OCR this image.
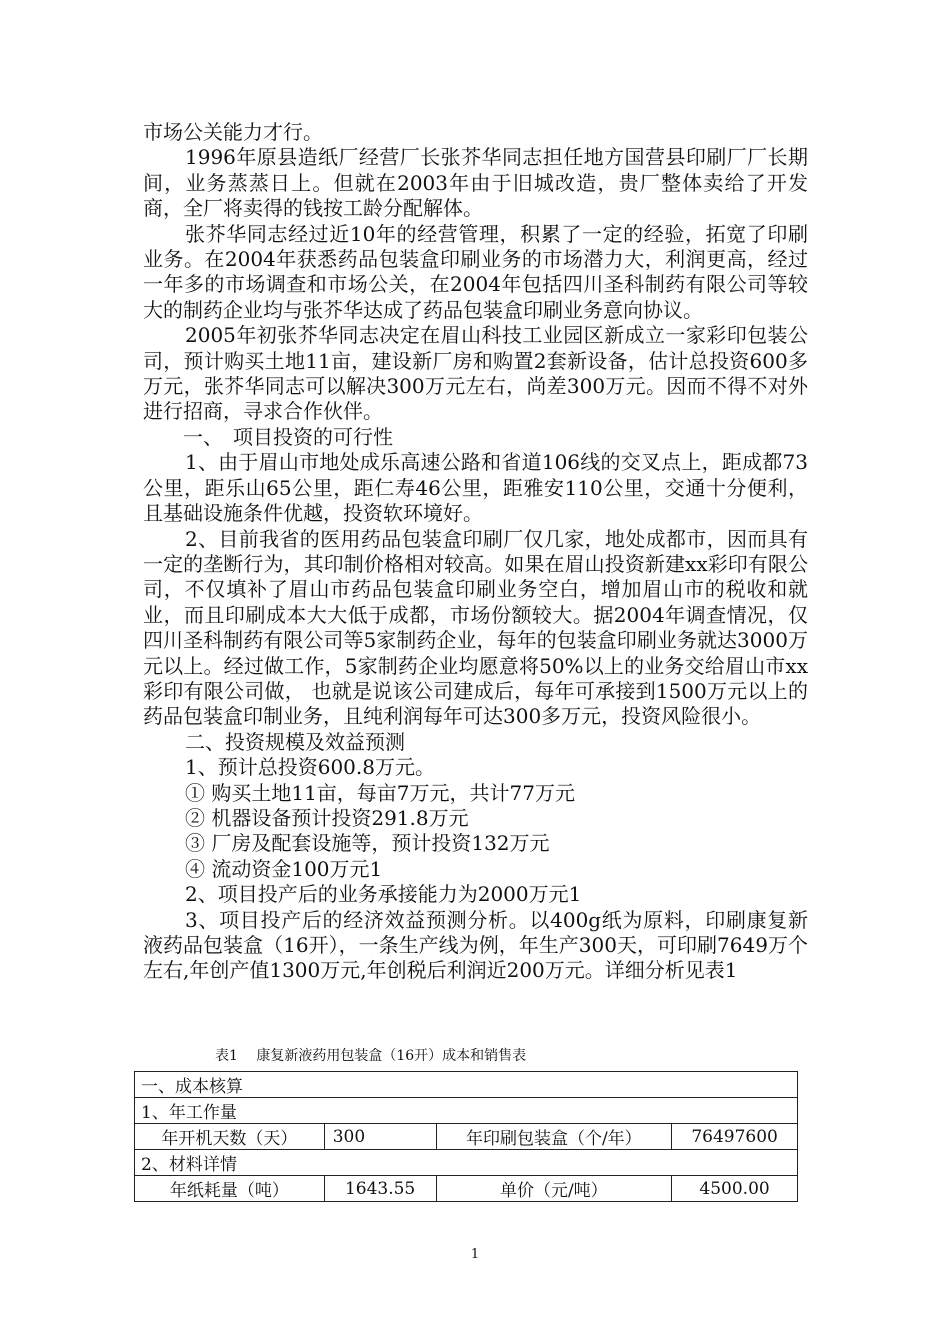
市场公关能力才行。

1996年原县造纸厂经营厂长张芥华同志担任地方国营县印刷厂厂长期间，业务蒸蒸日上。但就在2003年由于旧城改造，贵厂整体卖给了开发商，全厂将卖得的钱按工龄分配解体。

张芥华同志经过近10年的经营管理，积累了一定的经验，拓宽了印刷业务。在2004年获悉药品包装盒印刷业务的市场潜力大，利润更高，经过一年多的市场调查和市场公关，在2004年包括四川圣科制药有限公司等较大的制药企业均与张芥华达成了药品包装盒印刷业务意向协议。

2005年初张芥华同志决定在眉山科技工业园区新成立一家彩印包装公司，预计购买土地11亩，建设新厂房和购置2套新设备，估计总投资600多万元，张芥华同志可以解决300万元左右，尚差300万元。因而不得不对外进行招商，寻求合作伙伴。

一、　项目投资的可行性

1、由于眉山市地处成乐高速公路和省道106线的交叉点上，距成都73公里，距乐山65公里，距仁寿46公里，距雅安110公里，交通十分便利，且基础设施条件优越，投资软环境好。

2、目前我省的医用药品包装盒印刷厂仅几家，地处成都市，因而具有一定的垄断行为，其印制价格相对较高。如果在眉山投资新建xx彩印有限公司，不仅填补了眉山市药品包装盒印刷业务空白，增加眉山市的税收和就业，而且印刷成本大大低于成都，市场份额较大。据2004年调查情况，仅四川圣科制药有限公司等5家制药企业，每年的包装盒印刷业务就达3000万元以上。经过做工作，5家制药企业均愿意将50%以上的业务交给眉山市xx彩印有限公司做， 也就是说该公司建成后，每年可承接到1500万元以上的药品包装盒印制业务，且纯利润每年可达300多万元，投资风险很小。

二、投资规模及效益预测

1、预计总投资600.8万元。

① 购买土地11亩，每亩7万元，共计77万元

② 机器设备预计投资291.8万元

③ 厂房及配套设施等，预计投资132万元

④ 流动资金100万元1

2、项目投产后的业务承接能力为2000万元1

3、项目投产后的经济效益预测分析。以400g纸为原料，印刷康复新液药品包装盒（16开），一条生产线为例，年生产300天，可印刷7649万个左右,年创产值1300万元,年创税后利润近200万元。详细分析见表1

表1　 康复新液药用包装盒（16开）成本和销售表
一、成本核算			
1、年工作量			
年开机天数（天）	300	年印刷包装盒（个/年）	76497600
2、材料详情			
年纸耗量（吨）	1643.55	单价（元/吨）	4500.00
1
